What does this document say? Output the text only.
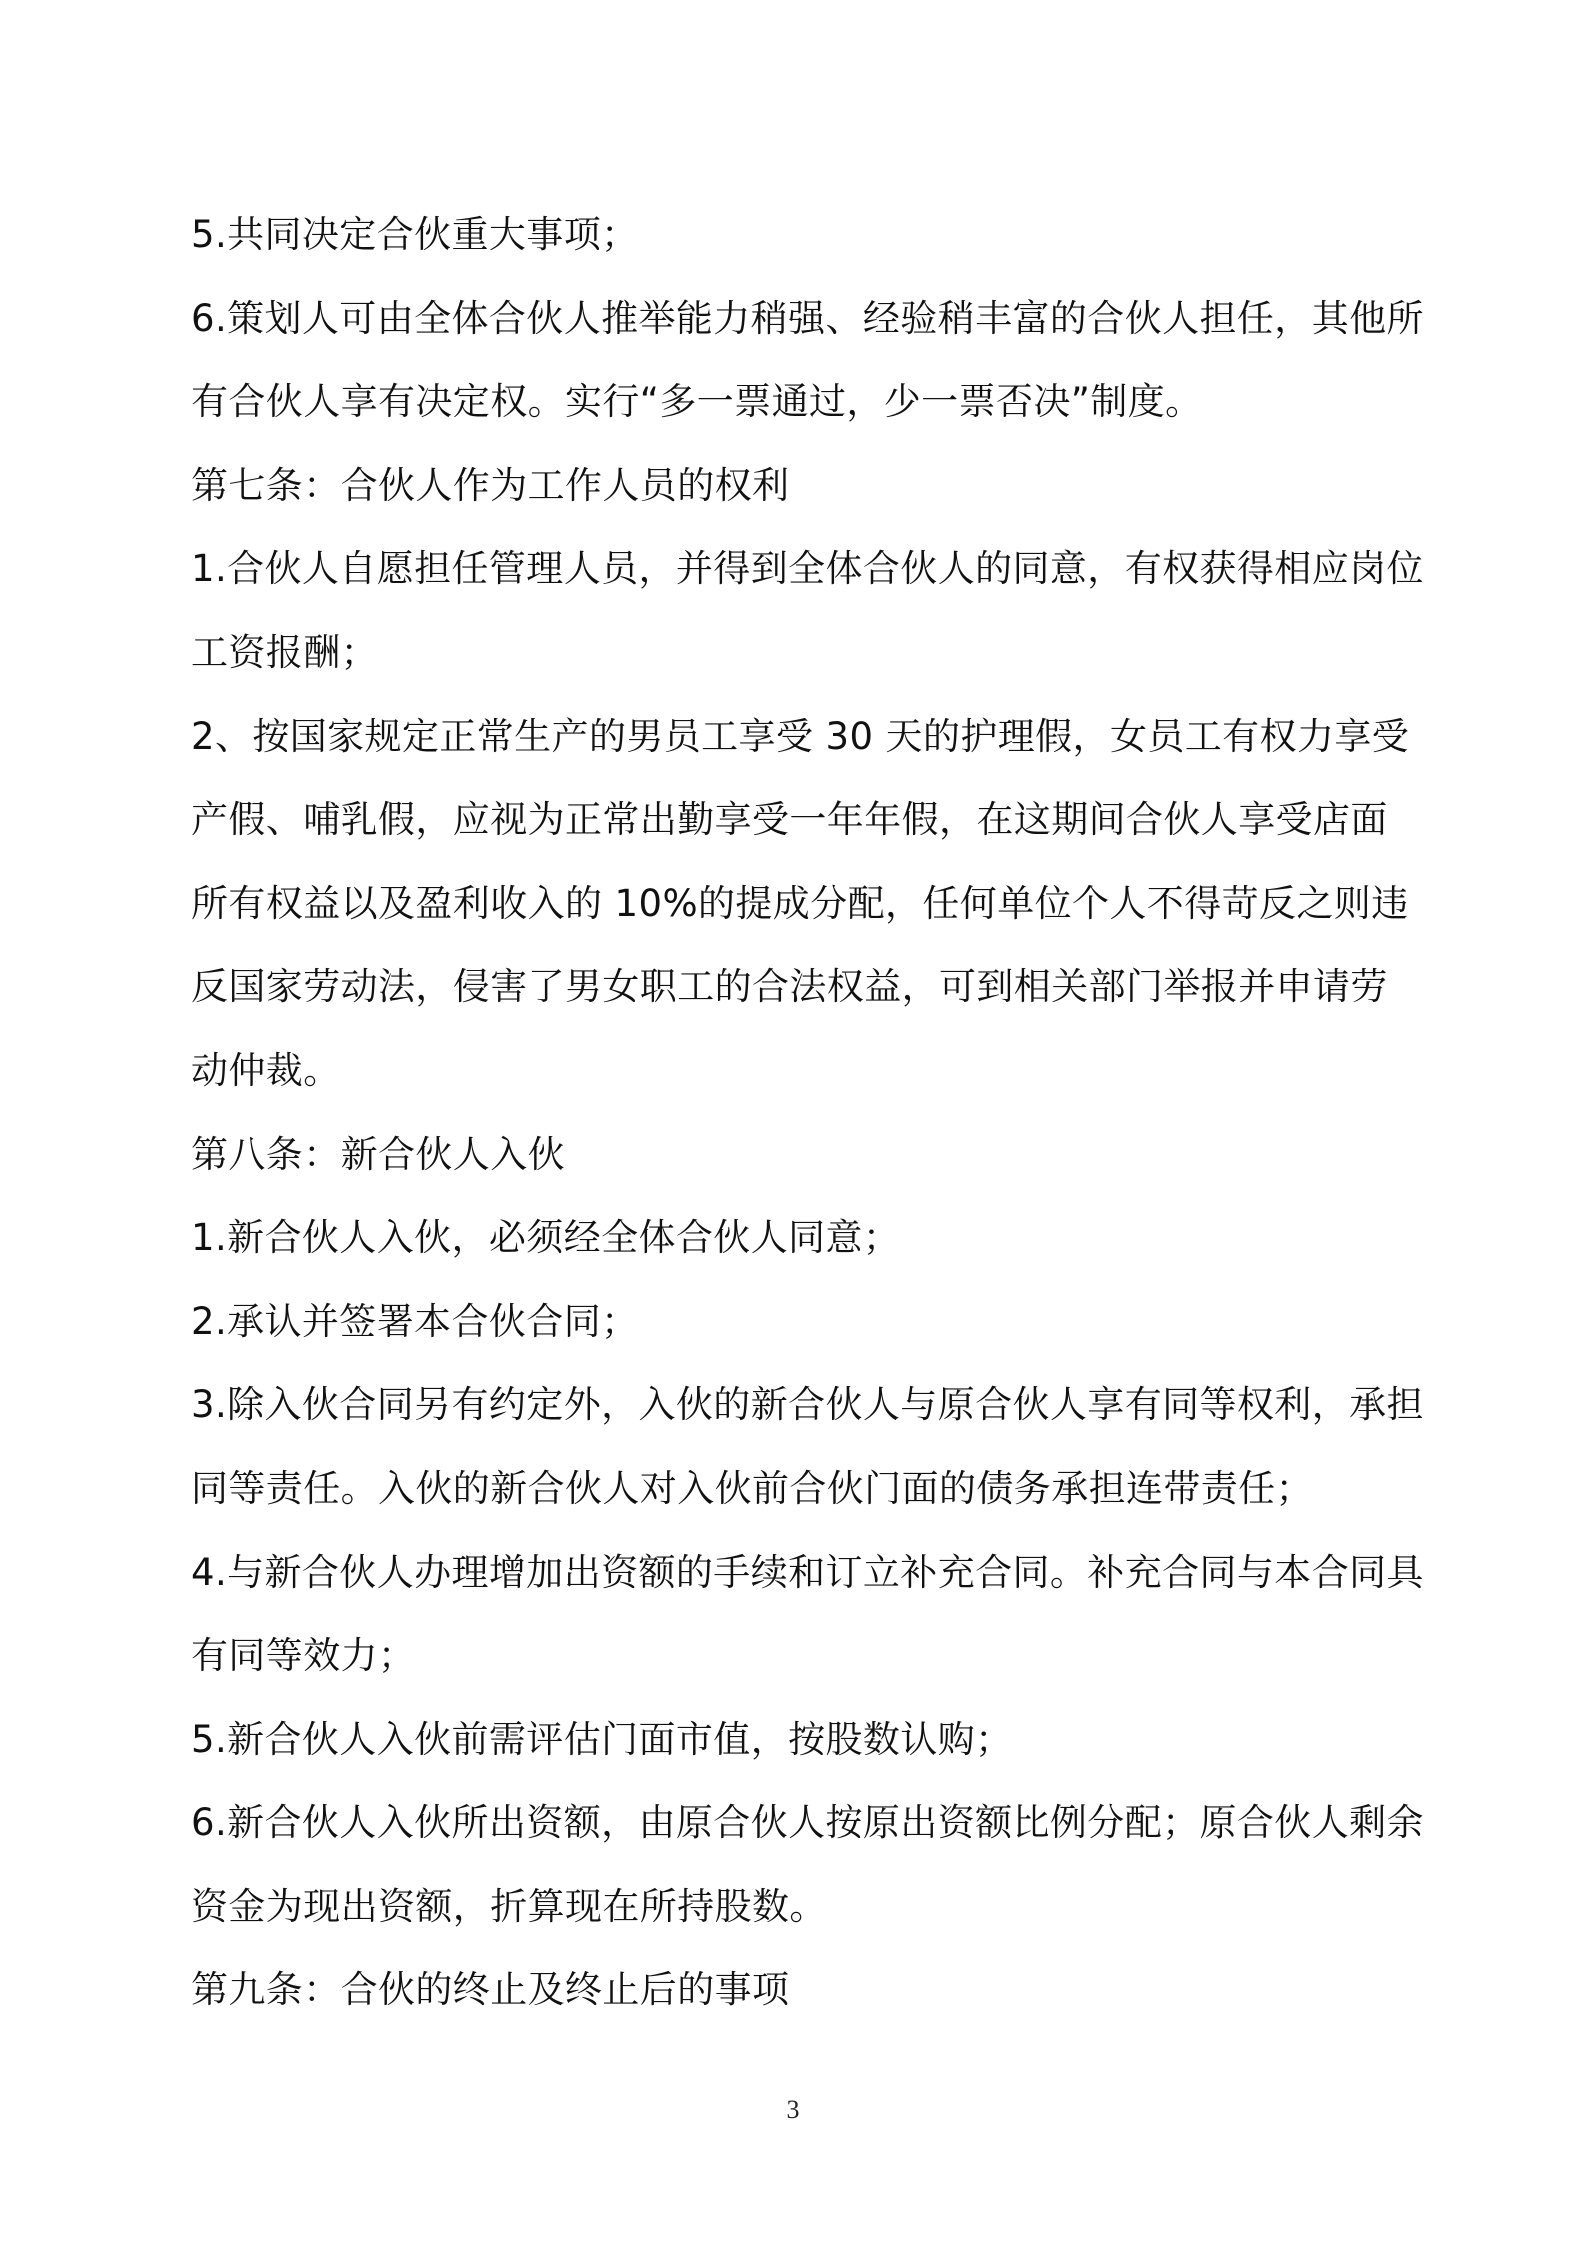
5.共同决定合伙重大事项；
6.策划人可由全体合伙人推举能力稍强、经验稍丰富的合伙人担任，其他所
有合伙人享有决定权。实行“多一票通过，少一票否决”制度。
第七条：合伙人作为工作人员的权利
1.合伙人自愿担任管理人员，并得到全体合伙人的同意，有权获得相应岗位
工资报酬；
2、按国家规定正常生产的男员工享受 30 天的护理假，女员工有权力享受
产假、哺乳假，应视为正常出勤享受一年年假，在这期间合伙人享受店面
所有权益以及盈利收入的 10%的提成分配，任何单位个人不得苛反之则违
反国家劳动法，侵害了男女职工的合法权益，可到相关部门举报并申请劳
动仲裁。
第八条：新合伙人入伙
1.新合伙人入伙，必须经全体合伙人同意；
2.承认并签署本合伙合同；
3.除入伙合同另有约定外，入伙的新合伙人与原合伙人享有同等权利，承担
同等责任。入伙的新合伙人对入伙前合伙门面的债务承担连带责任；
4.与新合伙人办理增加出资额的手续和订立补充合同。补充合同与本合同具
有同等效力；
5.新合伙人入伙前需评估门面市值，按股数认购；
6.新合伙人入伙所出资额，由原合伙人按原出资额比例分配；原合伙人剩余
资金为现出资额，折算现在所持股数。
第九条：合伙的终止及终止后的事项
3
